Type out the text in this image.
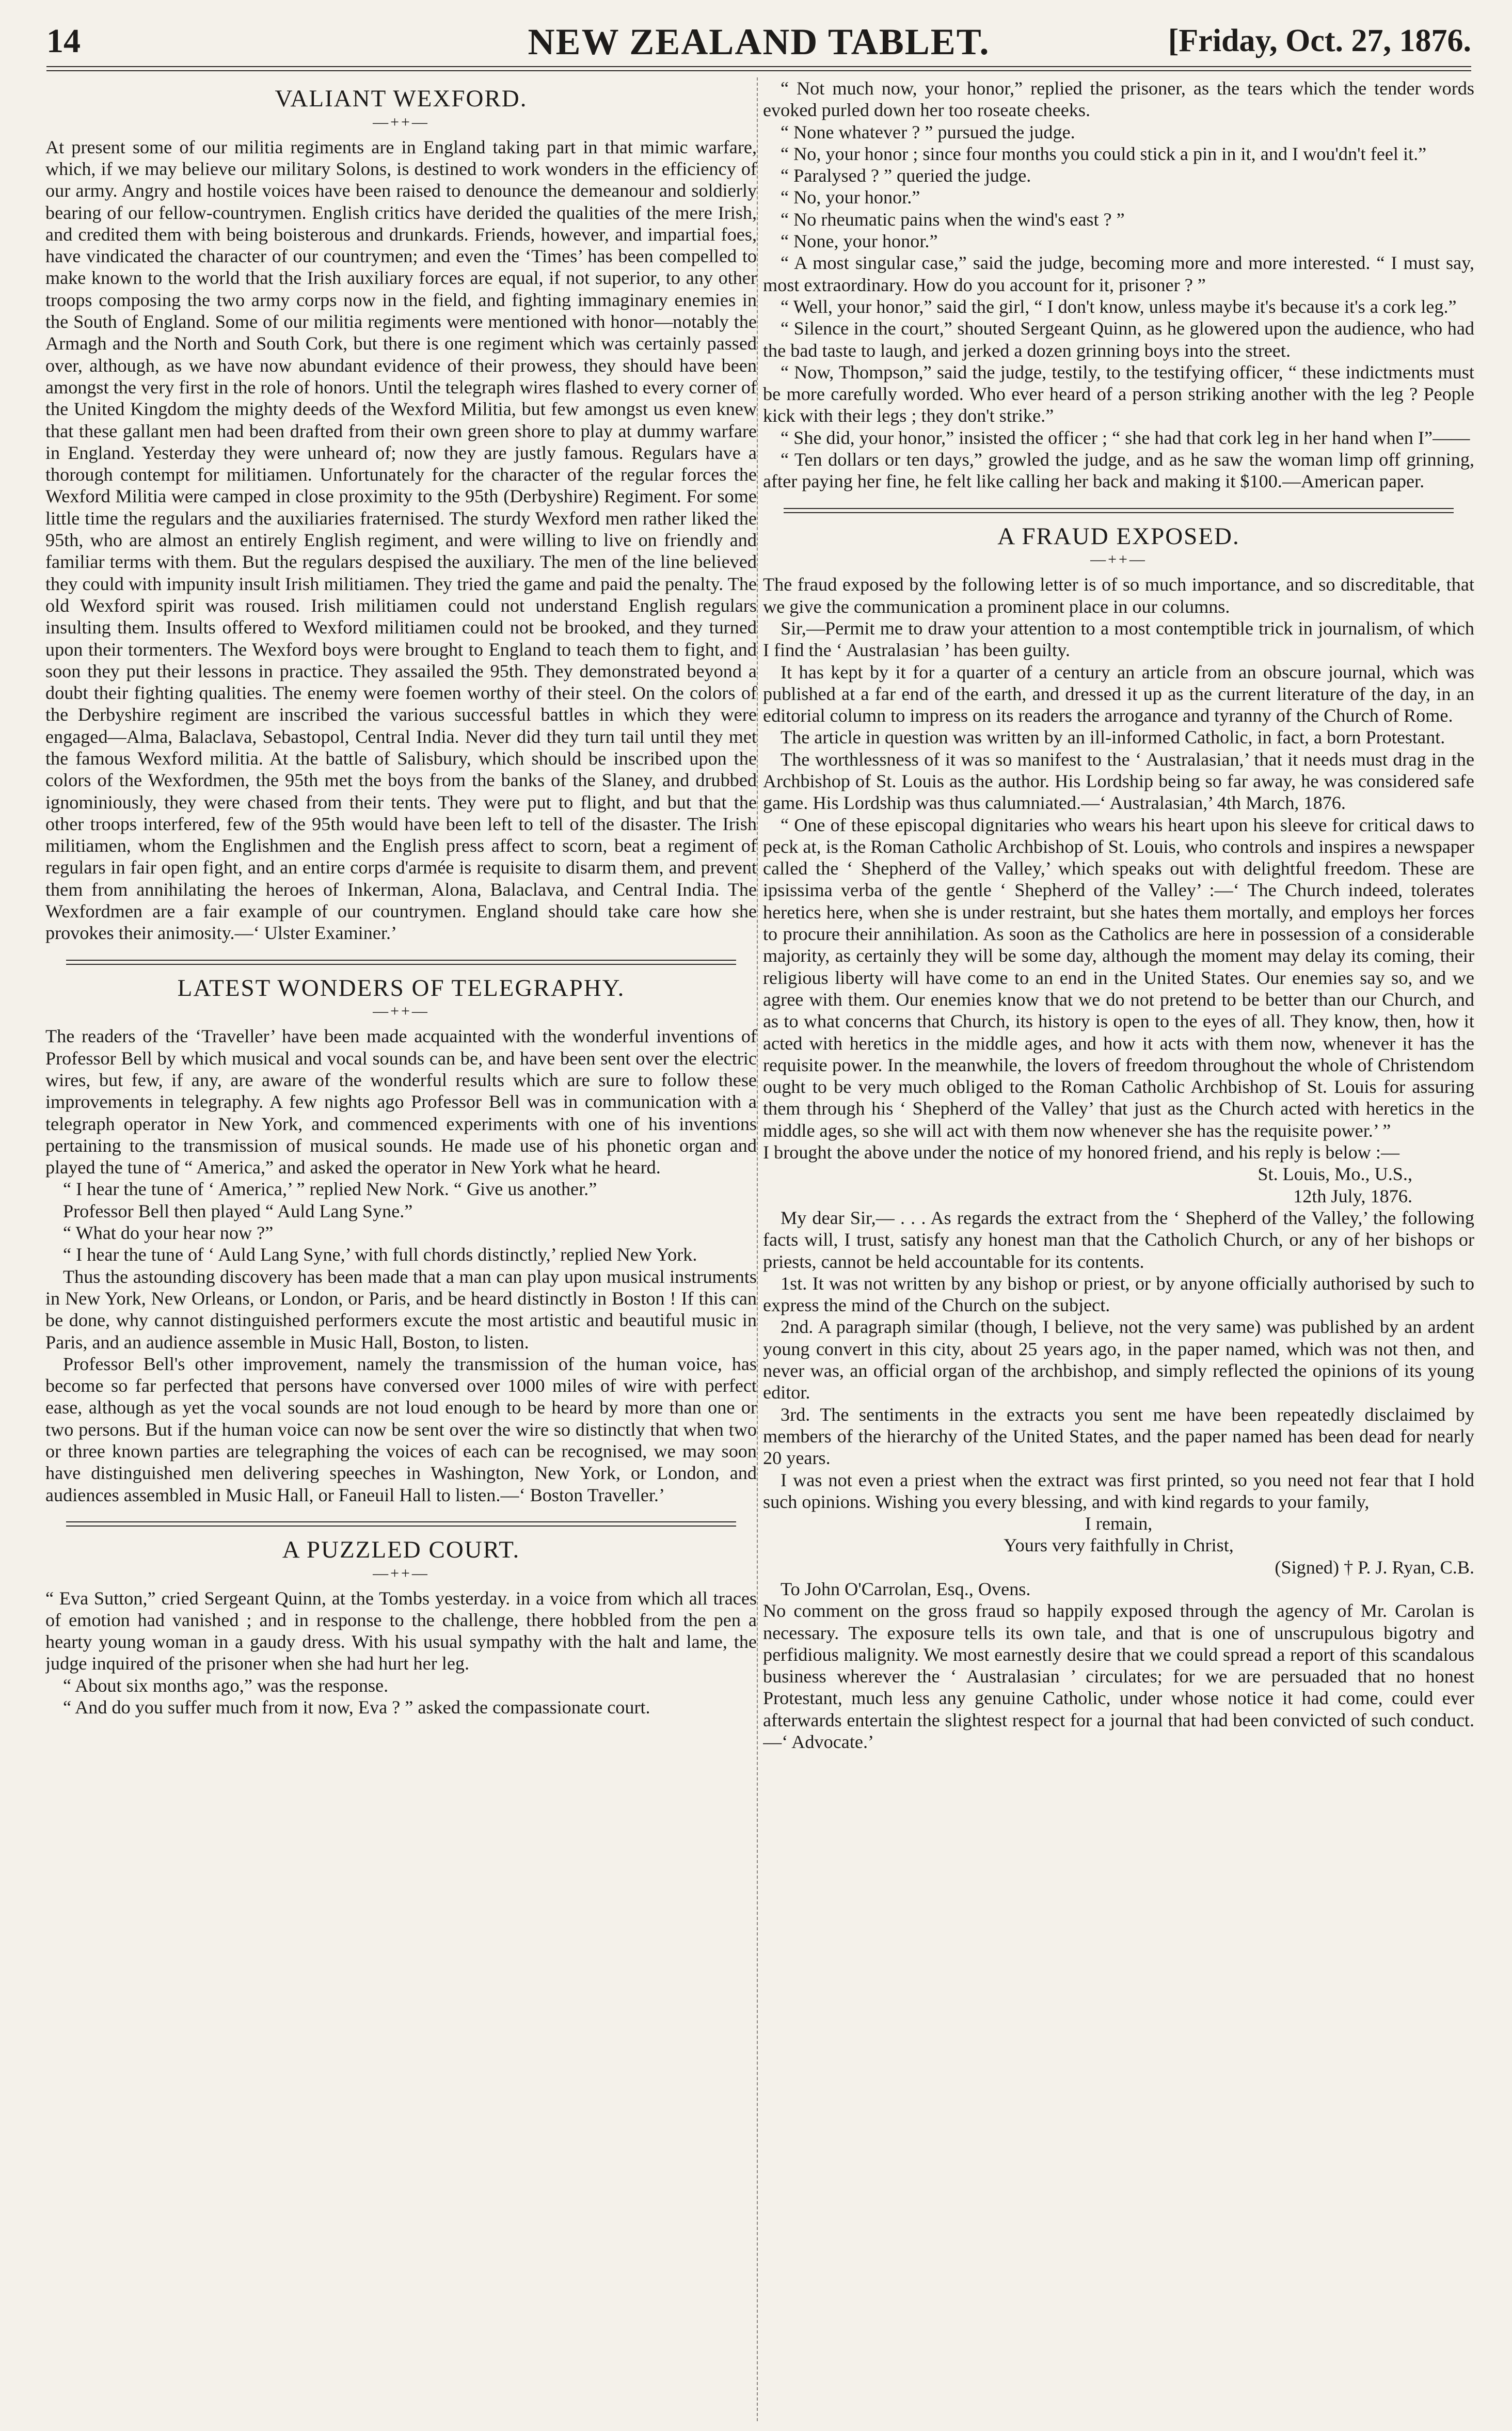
14	NEW ZEALAND TABLET.	[Friday, Oct. 27, 1876.
VALIANT WEXFORD.
—++—

At present some of our militia regiments are in England taking part in that mimic warfare, which, if we may believe our military Solons, is destined to work wonders in the efficiency of our army. Angry and hostile voices have been raised to denounce the demeanour and soldierly bearing of our fellow-countrymen. English critics have derided the qualities of the mere Irish, and credited them with being boisterous and drunkards. Friends, however, and impartial foes, have vindicated the character of our countrymen; and even the ‘Times’ has been compelled to make known to the world that the Irish auxiliary forces are equal, if not superior, to any other troops composing the two army corps now in the field, and fighting immaginary enemies in the South of England. Some of our militia regiments were mentioned with honor—notably the Armagh and the North and South Cork, but there is one regiment which was certainly passed over, although, as we have now abundant evidence of their prowess, they should have been amongst the very first in the role of honors. Until the telegraph wires flashed to every corner of the United Kingdom the mighty deeds of the Wexford Militia, but few amongst us even knew that these gallant men had been drafted from their own green shore to play at dummy warfare in England. Yesterday they were unheard of; now they are justly famous. Regulars have a thorough contempt for militiamen. Unfortunately for the character of the regular forces the Wexford Militia were camped in close proximity to the 95th (Derbyshire) Regiment. For some little time the regulars and the auxiliaries fraternised. The sturdy Wexford men rather liked the 95th, who are almost an entirely English regiment, and were willing to live on friendly and familiar terms with them. But the regulars despised the auxiliary. The men of the line believed they could with impunity insult Irish militiamen. They tried the game and paid the penalty. The old Wexford spirit was roused. Irish militiamen could not understand English regulars insulting them. Insults offered to Wexford militiamen could not be brooked, and they turned upon their tormenters. The Wexford boys were brought to England to teach them to fight, and soon they put their lessons in practice. They assailed the 95th. They demonstrated beyond a doubt their fighting qualities. The enemy were foemen worthy of their steel. On the colors of the Derbyshire regiment are inscribed the various successful battles in which they were engaged—Alma, Balaclava, Sebastopol, Central India. Never did they turn tail until they met the famous Wexford militia. At the battle of Salisbury, which should be inscribed upon the colors of the Wexfordmen, the 95th met the boys from the banks of the Slaney, and drubbed ignominiously, they were chased from their tents. They were put to flight, and but that the other troops interfered, few of the 95th would have been left to tell of the disaster. The Irish militiamen, whom the Englishmen and the English press affect to scorn, beat a regiment of regulars in fair open fight, and an entire corps d'armée is requisite to disarm them, and prevent them from annihilating the heroes of Inkerman, Alona, Balaclava, and Central India. The Wexfordmen are a fair example of our countrymen. England should take care how she provokes their animosity.—‘ Ulster Examiner.’

LATEST WONDERS OF TELEGRAPHY.
—++—

The readers of the ‘Traveller’ have been made acquainted with the wonderful inventions of Professor Bell by which musical and vocal sounds can be, and have been sent over the electric wires, but few, if any, are aware of the wonderful results which are sure to follow these improvements in telegraphy. A few nights ago Professor Bell was in communication with a telegraph operator in New York, and commenced experiments with one of his inventions pertaining to the transmission of musical sounds. He made use of his phonetic organ and played the tune of “ America,” and asked the operator in New York what he heard.

“ I hear the tune of ‘ America,’ ” replied New Nork. “ Give us another.”

Professor Bell then played “ Auld Lang Syne.”

“ What do your hear now ?”

“ I hear the tune of ‘ Auld Lang Syne,’ with full chords distinctly,’ replied New York.

Thus the astounding discovery has been made that a man can play upon musical instruments in New York, New Orleans, or London, or Paris, and be heard distinctly in Boston ! If this can be done, why cannot distinguished performers excute the most artistic and beautiful music in Paris, and an audience assemble in Music Hall, Boston, to listen.

Professor Bell's other improvement, namely the transmission of the human voice, has become so far perfected that persons have conversed over 1000 miles of wire with perfect ease, although as yet the vocal sounds are not loud enough to be heard by more than one or two persons. But if the human voice can now be sent over the wire so distinctly that when two or three known parties are telegraphing the voices of each can be recognised, we may soon have distinguished men delivering speeches in Washington, New York, or London, and audiences assembled in Music Hall, or Faneuil Hall to listen.—‘ Boston Traveller.’

A PUZZLED COURT.
—++—

“ Eva Sutton,” cried Sergeant Quinn, at the Tombs yesterday. in a voice from which all traces of emotion had vanished ; and in response to the challenge, there hobbled from the pen a hearty young woman in a gaudy dress. With his usual sympathy with the halt and lame, the judge inquired of the prisoner when she had hurt her leg.

“ About six months ago,” was the response.

“ And do you suffer much from it now, Eva ? ” asked the compassionate court.

“ Not much now, your honor,” replied the prisoner, as the tears which the tender words evoked purled down her too roseate cheeks.

“ None whatever ? ” pursued the judge.

“ No, your honor ; since four months you could stick a pin in it, and I wou'dn't feel it.”

“ Paralysed ? ” queried the judge.

“ No, your honor.”

“ No rheumatic pains when the wind's east ? ”

“ None, your honor.”

“ A most singular case,” said the judge, becoming more and more interested. “ I must say, most extraordinary. How do you account for it, prisoner ? ”

“ Well, your honor,” said the girl, “ I don't know, unless maybe it's because it's a cork leg.”

“ Silence in the court,” shouted Sergeant Quinn, as he glowered upon the audience, who had the bad taste to laugh, and jerked a dozen grinning boys into the street.

“ Now, Thompson,” said the judge, testily, to the testifying officer, “ these indictments must be more carefully worded. Who ever heard of a person striking another with the leg ? People kick with their legs ; they don't strike.”

“ She did, your honor,” insisted the officer ; “ she had that cork leg in her hand when I”——

“ Ten dollars or ten days,” growled the judge, and as he saw the woman limp off grinning, after paying her fine, he felt like calling her back and making it $100.—American paper.

A FRAUD EXPOSED.
—++—

The fraud exposed by the following letter is of so much importance, and so discreditable, that we give the communication a prominent place in our columns.

Sir,—Permit me to draw your attention to a most contemptible trick in journalism, of which I find the ‘ Australasian ’ has been guilty.

It has kept by it for a quarter of a century an article from an obscure journal, which was published at a far end of the earth, and dressed it up as the current literature of the day, in an editorial column to impress on its readers the arrogance and tyranny of the Church of Rome.

The article in question was written by an ill-informed Catholic, in fact, a born Protestant.

The worthlessness of it was so manifest to the ‘ Australasian,’ that it needs must drag in the Archbishop of St. Louis as the author. His Lordship being so far away, he was considered safe game. His Lordship was thus calumniated.—‘ Australasian,’ 4th March, 1876.

“ One of these episcopal dignitaries who wears his heart upon his sleeve for critical daws to peck at, is the Roman Catholic Archbishop of St. Louis, who controls and inspires a newspaper called the ‘ Shepherd of the Valley,’ which speaks out with delightful freedom. These are ipsissima verba of the gentle ‘ Shepherd of the Valley’ :—‘ The Church indeed, tolerates heretics here, when she is under restraint, but she hates them mortally, and employs her forces to procure their annihilation. As soon as the Catholics are here in possession of a considerable majority, as certainly they will be some day, although the moment may delay its coming, their religious liberty will have come to an end in the United States. Our enemies say so, and we agree with them. Our enemies know that we do not pretend to be better than our Church, and as to what concerns that Church, its history is open to the eyes of all. They know, then, how it acted with heretics in the middle ages, and how it acts with them now, whenever it has the requisite power. In the meanwhile, the lovers of freedom throughout the whole of Christendom ought to be very much obliged to the Roman Catholic Archbishop of St. Louis for assuring them through his ‘ Shepherd of the Valley’ that just as the Church acted with heretics in the middle ages, so she will act with them now whenever she has the requisite power.’ ”

I brought the above under the notice of my honored friend, and his reply is below :—

St. Louis, Mo., U.S.,

12th July, 1876.

My dear Sir,— . . . As regards the extract from the ‘ Shepherd of the Valley,’ the following facts will, I trust, satisfy any honest man that the Catholich Church, or any of her bishops or priests, cannot be held accountable for its contents.

1st. It was not written by any bishop or priest, or by anyone officially authorised by such to express the mind of the Church on the subject.

2nd. A paragraph similar (though, I believe, not the very same) was published by an ardent young convert in this city, about 25 years ago, in the paper named, which was not then, and never was, an official organ of the archbishop, and simply reflected the opinions of its young editor.

3rd. The sentiments in the extracts you sent me have been repeatedly disclaimed by members of the hierarchy of the United States, and the paper named has been dead for nearly 20 years.

I was not even a priest when the extract was first printed, so you need not fear that I hold such opinions. Wishing you every blessing, and with kind regards to your family,

I remain,

Yours very faithfully in Christ,

(Signed) † P. J. Ryan, C.B.

To John O'Carrolan, Esq., Ovens.

No comment on the gross fraud so happily exposed through the agency of Mr. Carolan is necessary. The exposure tells its own tale, and that is one of unscrupulous bigotry and perfidious malignity. We most earnestly desire that we could spread a report of this scandalous business wherever the ‘ Australasian ’ circulates; for we are persuaded that no honest Protestant, much less any genuine Catholic, under whose notice it had come, could ever afterwards entertain the slightest respect for a journal that had been convicted of such conduct.—‘ Advocate.’
